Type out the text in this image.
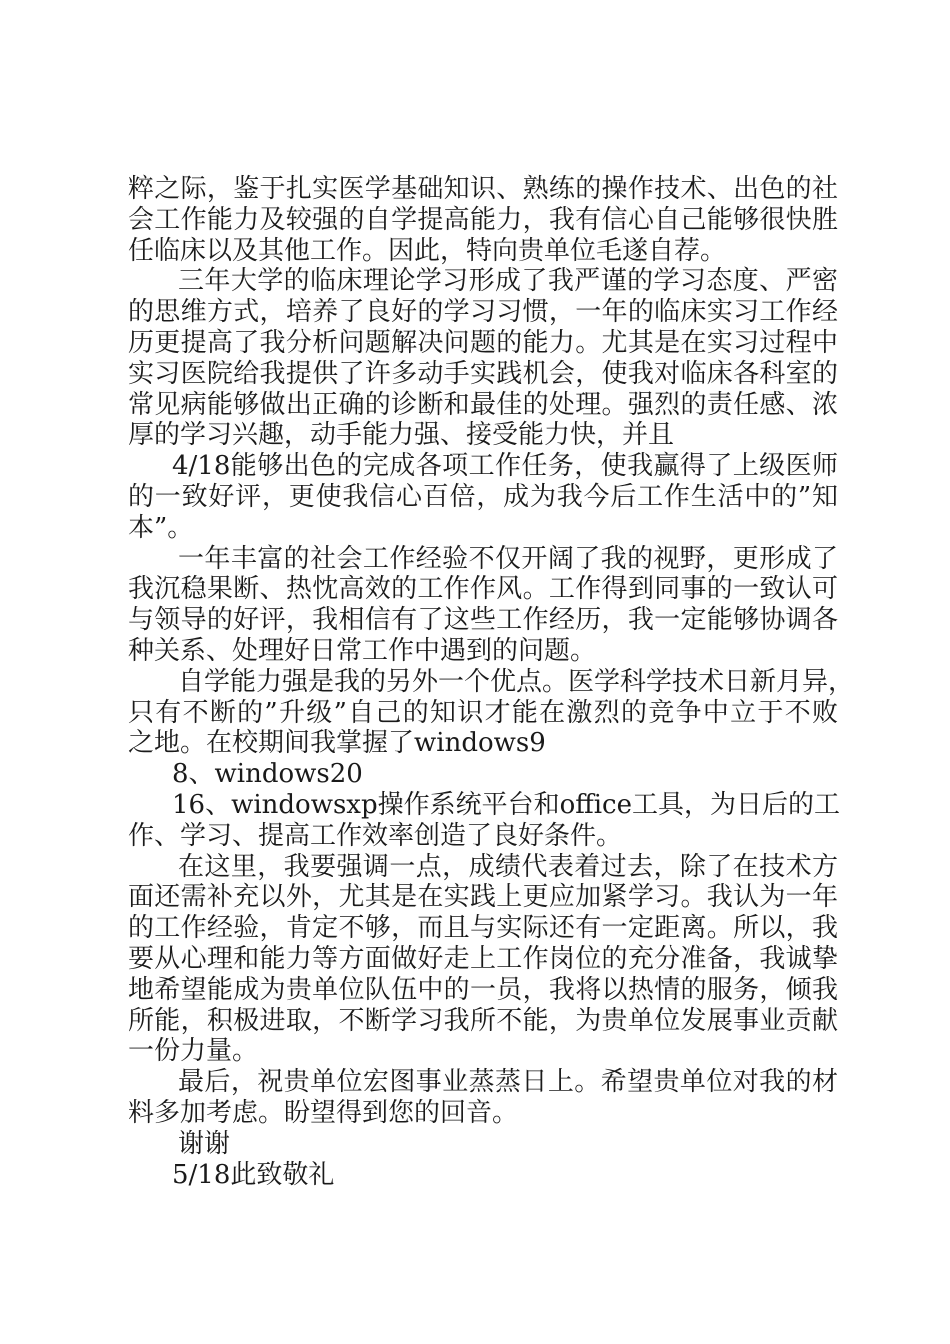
粹之际，鉴于扎实医学基础知识、熟练的操作技术、出色的社
会工作能力及较强的自学提高能力，我有信心自己能够很快胜
任临床以及其他工作。因此，特向贵单位毛遂自荐。
三年大学的临床理论学习形成了我严谨的学习态度、严密
的思维方式，培养了良好的学习习惯，一年的临床实习工作经
历更提高了我分析问题解决问题的能力。尤其是在实习过程中
实习医院给我提供了许多动手实践机会，使我对临床各科室的
常见病能够做出正确的诊断和最佳的处理。强烈的责任感、浓
厚的学习兴趣，动手能力强、接受能力快，并且
4/18能够出色的完成各项工作任务，使我赢得了上级医师
的一致好评，更使我信心百倍，成为我今后工作生活中的”知
本”。
一年丰富的社会工作经验不仅开阔了我的视野，更形成了
我沉稳果断、热忱高效的工作作风。工作得到同事的一致认可
与领导的好评，我相信有了这些工作经历，我一定能够协调各
种关系、处理好日常工作中遇到的问题。
自学能力强是我的另外一个优点。医学科学技术日新月异，
只有不断的”升级”自己的知识才能在激烈的竞争中立于不败
之地。在校期间我掌握了windows9
8、windows20
16、windowsxp操作系统平台和office工具，为日后的工
作、学习、提高工作效率创造了良好条件。
在这里，我要强调一点，成绩代表着过去，除了在技术方
面还需补充以外，尤其是在实践上更应加紧学习。我认为一年
的工作经验，肯定不够，而且与实际还有一定距离。所以，我
要从心理和能力等方面做好走上工作岗位的充分准备，我诚挚
地希望能成为贵单位队伍中的一员，我将以热情的服务，倾我
所能，积极进取，不断学习我所不能，为贵单位发展事业贡献
一份力量。
最后，祝贵单位宏图事业蒸蒸日上。希望贵单位对我的材
料多加考虑。盼望得到您的回音。
谢谢
5/18此致敬礼
